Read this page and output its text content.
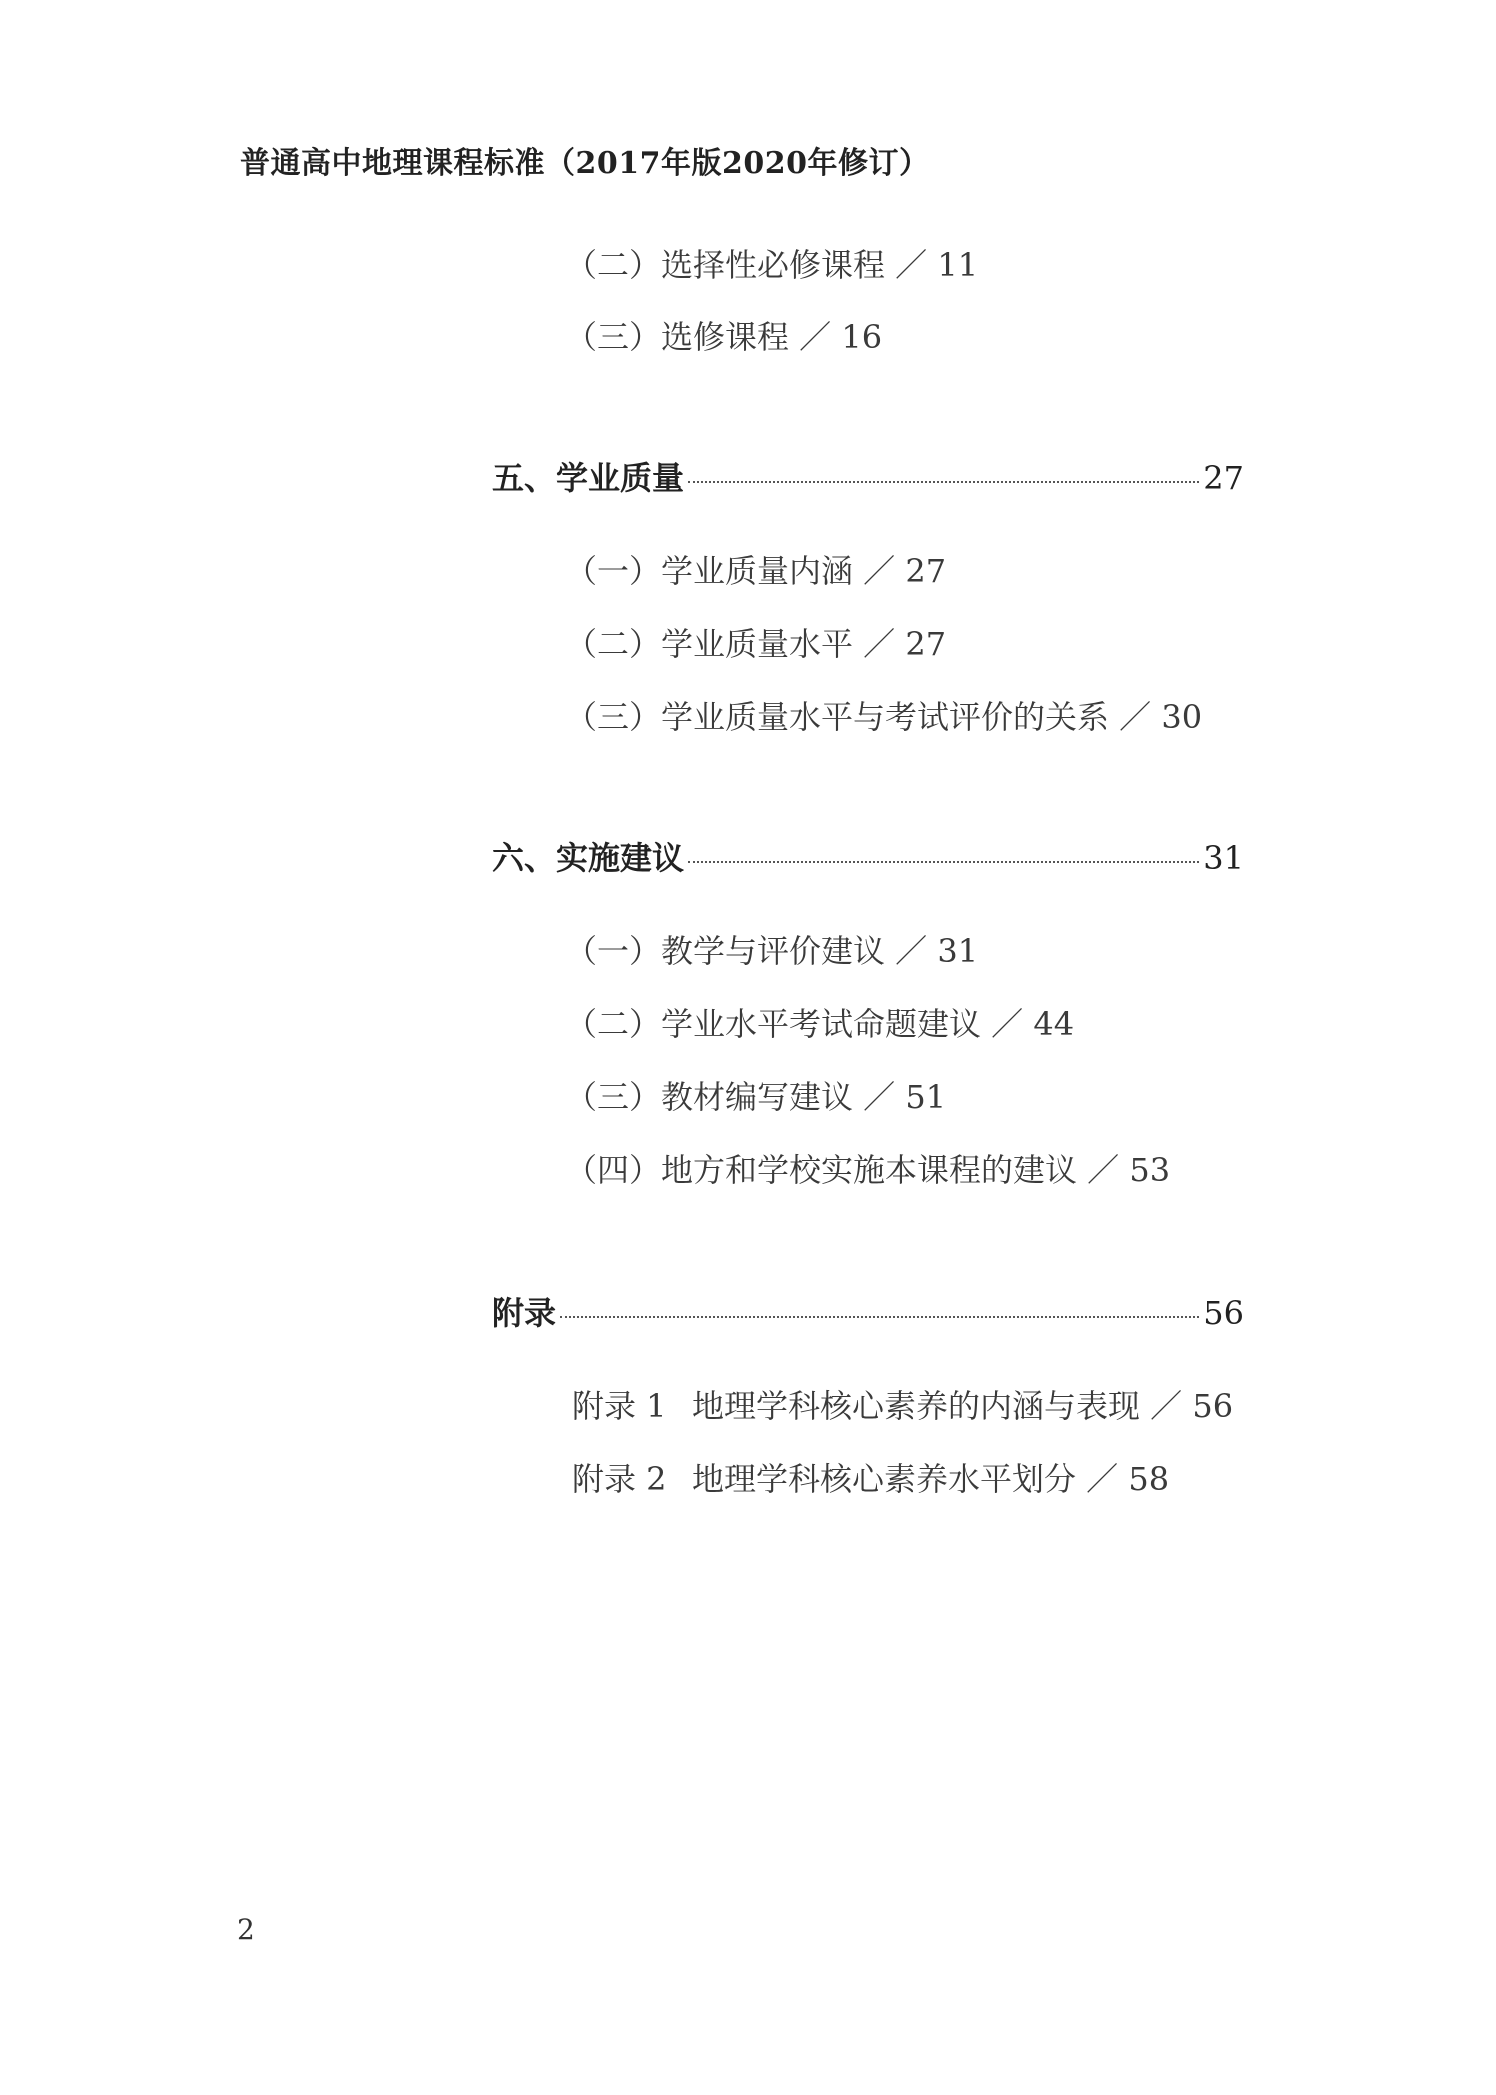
普通高中地理课程标准（2017年版2020年修订）
（二）选择性必修课程 ／ 11
（三）选修课程 ／ 16
五、学业质量	27
（一）学业质量内涵 ／ 27
（二）学业质量水平 ／ 27
（三）学业质量水平与考试评价的关系 ／ 30
六、实施建议	31
（一）教学与评价建议 ／ 31
（二）学业水平考试命题建议 ／ 44
（三）教材编写建议 ／ 51
（四）地方和学校实施本课程的建议 ／ 53
附录	56
附录 1 地理学科核心素养的内涵与表现 ／ 56
附录 2 地理学科核心素养水平划分 ／ 58
2
